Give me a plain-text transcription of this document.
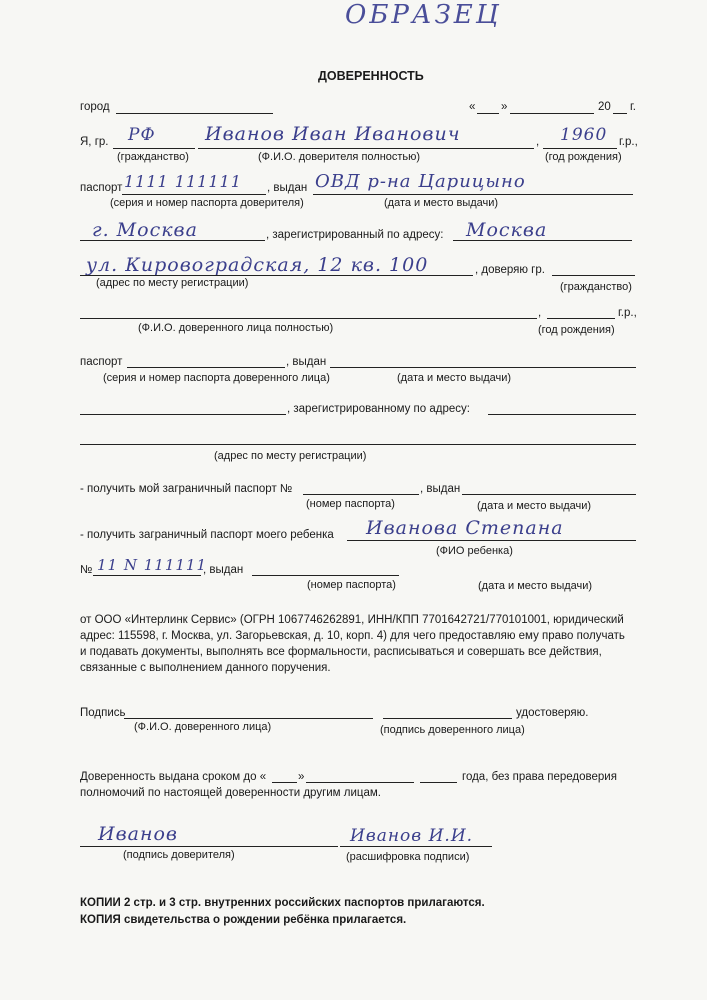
ОБРАЗЕЦ
ДОВЕРЕННОСТЬ
город	« »	20 г.
Я, гр. РФ	Иванов Иван Иванович	, 1960 г.р.,
(гражданство)	(Ф.И.О. доверителя полностью)	(год рождения)
паспорт 1111 111111 , выдан ОВД р-на Царицыно
(серия и номер паспорта доверителя)	(дата и место выдачи)
г. Москва	, зарегистрированный по адресу: Москва
ул. Кировоградская, 12 кв. 100	, доверяю гр.
(адрес по месту регистрации)	(гражданство)
,	г.р.,
(Ф.И.О. доверенного лица полностью)	(год рождения)
паспорт	, выдан
(серия и номер паспорта доверенного лица)	(дата и место выдачи)
, зарегистрированному по адресу:
(адрес по месту регистрации)
- получить мой заграничный паспорт №	, выдан
(номер паспорта)	(дата и место выдачи)
- получить заграничный паспорт моего ребенка Иванова Степана
(ФИО ребенка)
№ 11 N 111111
, выдан
(номер паспорта)	(дата и место выдачи)
от ООО «Интерлинк Сервис» (ОГРН 1067746262891, ИНН/КПП 7701642721/770101001, юридический
адрес: 115598, г. Москва, ул. Загорьевская, д. 10, корп. 4) для чего предоставляю ему право получать
и подавать документы, выполнять все формальности, расписываться и совершать все действия,
связанные с выполнением данного поручения.
Подпись	удостоверяю.
(Ф.И.О. доверенного лица)	(подпись доверенного лица)
Доверенность выдана сроком до «	»	года, без права передоверия
полномочий по настоящей доверенности другим лицам.
Иванов	Иванов И.И.
(подпись доверителя)	(расшифровка подписи)
КОПИИ 2 стр. и 3 стр. внутренних российских паспортов прилагаются.
КОПИЯ свидетельства о рождении ребёнка прилагается.
